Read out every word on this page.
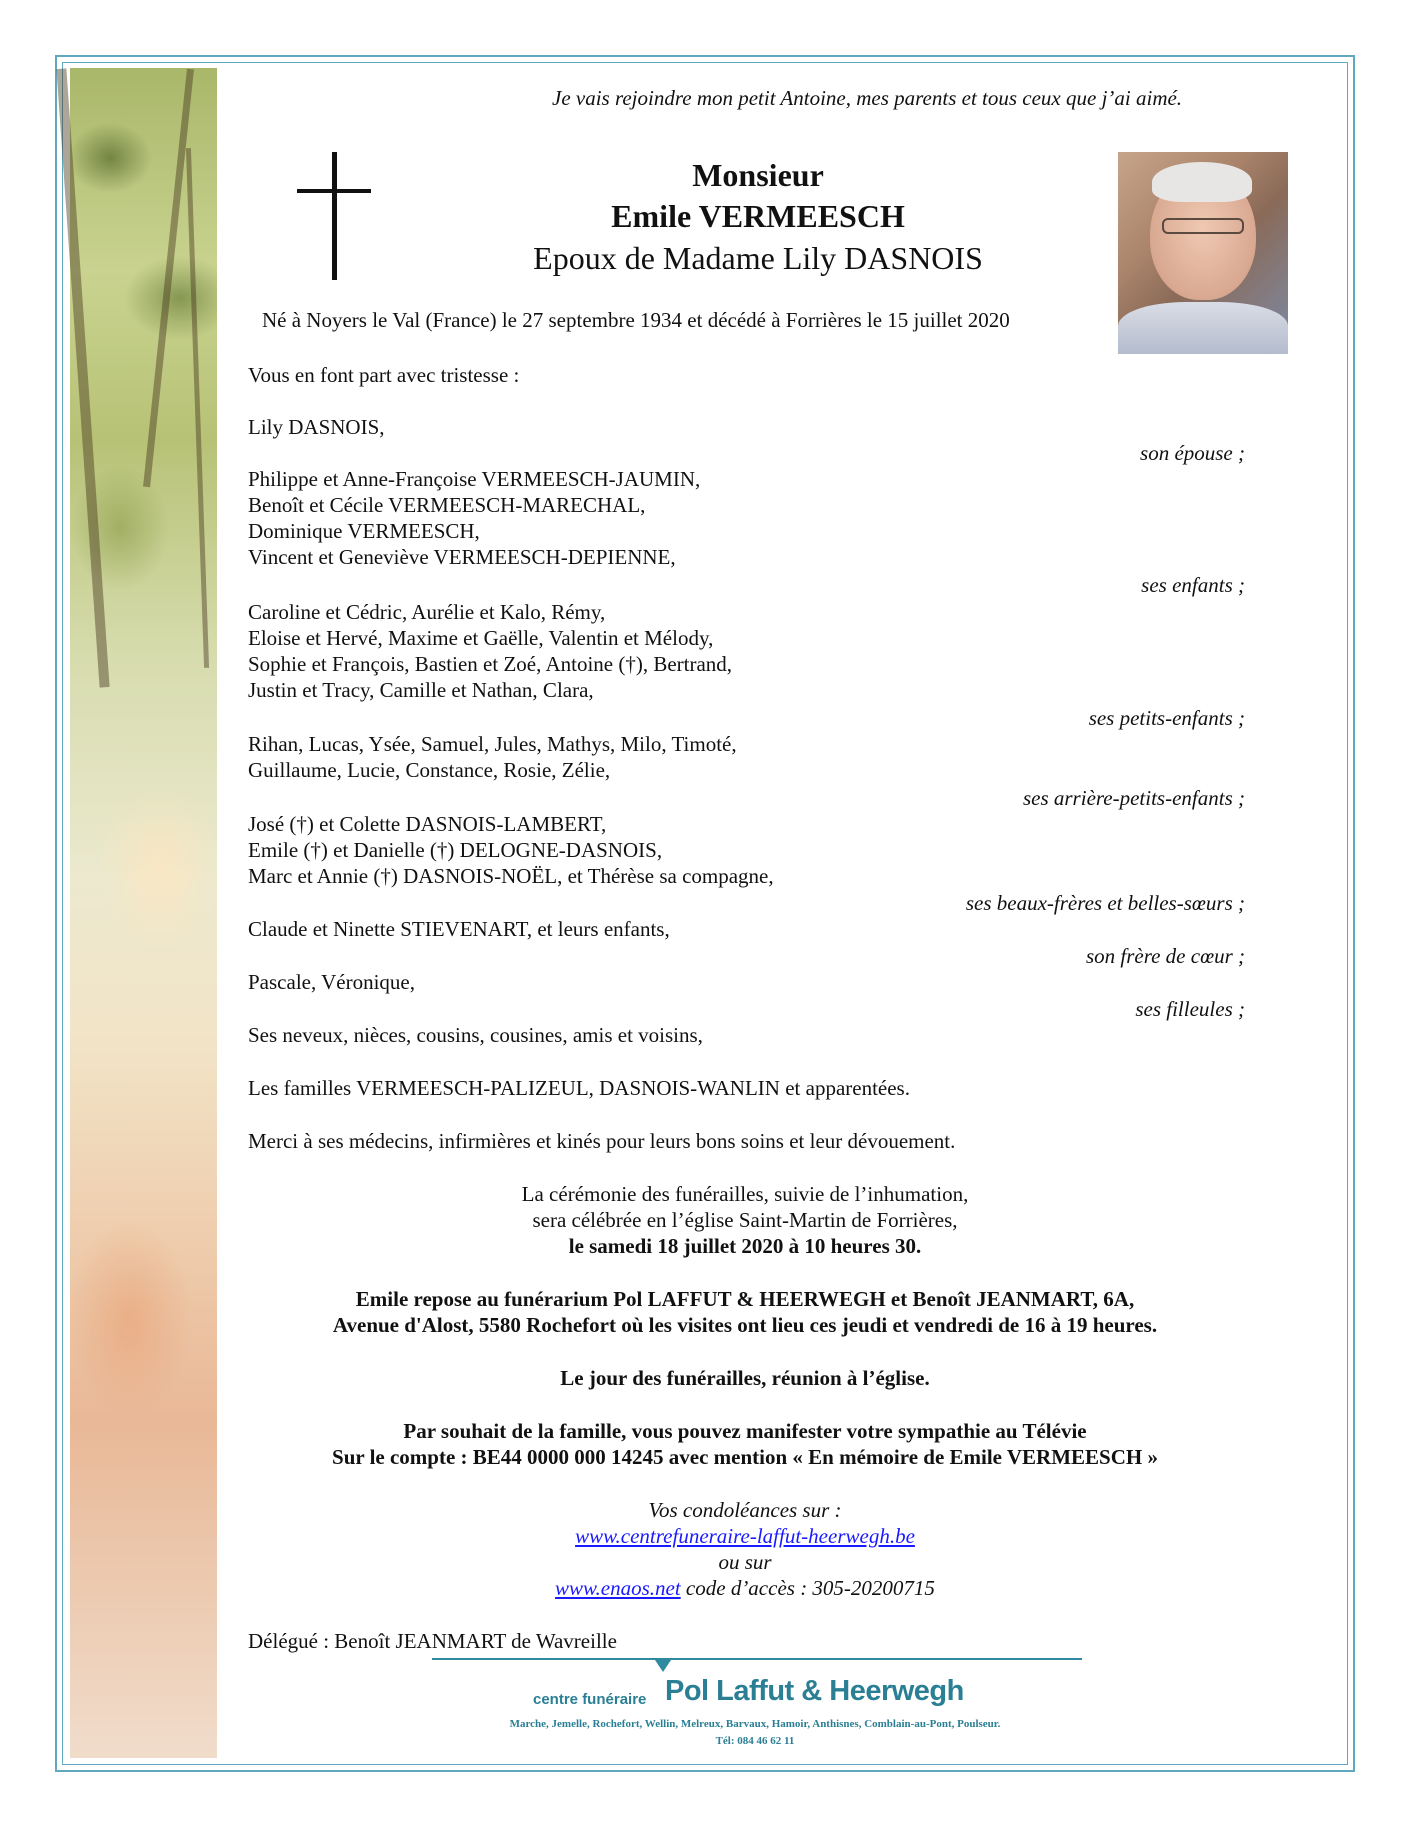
Je vais rejoindre mon petit Antoine, mes parents et tous ceux que j’ai aimé.
Monsieur
Emile VERMEESCH
Epoux de Madame Lily DASNOIS
Né à Noyers le Val (France) le 27 septembre 1934 et décédé à Forrières le 15 juillet 2020
Vous en font part avec tristesse :
Lily DASNOIS,
son épouse ;
Philippe et Anne-Françoise VERMEESCH-JAUMIN,
Benoît et Cécile VERMEESCH-MARECHAL,
Dominique VERMEESCH,
Vincent et Geneviève VERMEESCH-DEPIENNE,
ses enfants ;
Caroline et Cédric, Aurélie et Kalo, Rémy,
Eloise et Hervé, Maxime et Gaëlle, Valentin et Mélody,
Sophie et François, Bastien et Zoé, Antoine (†), Bertrand,
Justin et Tracy, Camille et Nathan, Clara,
ses petits-enfants ;
Rihan, Lucas, Ysée, Samuel, Jules, Mathys, Milo, Timoté,
Guillaume, Lucie, Constance, Rosie, Zélie,
ses arrière-petits-enfants ;
José (†) et Colette DASNOIS-LAMBERT,
Emile (†) et Danielle (†) DELOGNE-DASNOIS,
Marc et Annie (†) DASNOIS-NOËL, et Thérèse sa compagne,
ses beaux-frères et belles-sœurs ;
Claude et Ninette STIEVENART, et leurs enfants,
son frère de cœur ;
Pascale, Véronique,
ses filleules ;
Ses neveux, nièces, cousins, cousines, amis et voisins,
Les familles VERMEESCH-PALIZEUL, DASNOIS-WANLIN et apparentées.
Merci à ses médecins, infirmières et kinés pour leurs bons soins et leur dévouement.
La cérémonie des funérailles, suivie de l’inhumation,
sera célébrée en l’église Saint-Martin de Forrières,
le samedi 18 juillet 2020 à 10 heures 30.
Emile repose au funérarium Pol LAFFUT & HEERWEGH et Benoît JEANMART, 6A,
Avenue d'Alost, 5580 Rochefort où les visites ont lieu ces jeudi et vendredi de 16 à 19 heures.
Le jour des funérailles, réunion à l’église.
Par souhait de la famille, vous pouvez manifester votre sympathie au Télévie
Sur le compte : BE44 0000 000 14245 avec mention « En mémoire de Emile VERMEESCH »
Vos condoléances sur :
www.centrefuneraire-laffut-heerwegh.be
ou sur
www.enaos.net code d’accès : 305-20200715
Délégué : Benoît JEANMART de Wavreille
centre funéraire Pol Laffut & Heerwegh
Marche, Jemelle, Rochefort, Wellin, Melreux, Barvaux, Hamoir, Anthisnes, Comblain-au-Pont, Poulseur.
Tél: 084 46 62 11
